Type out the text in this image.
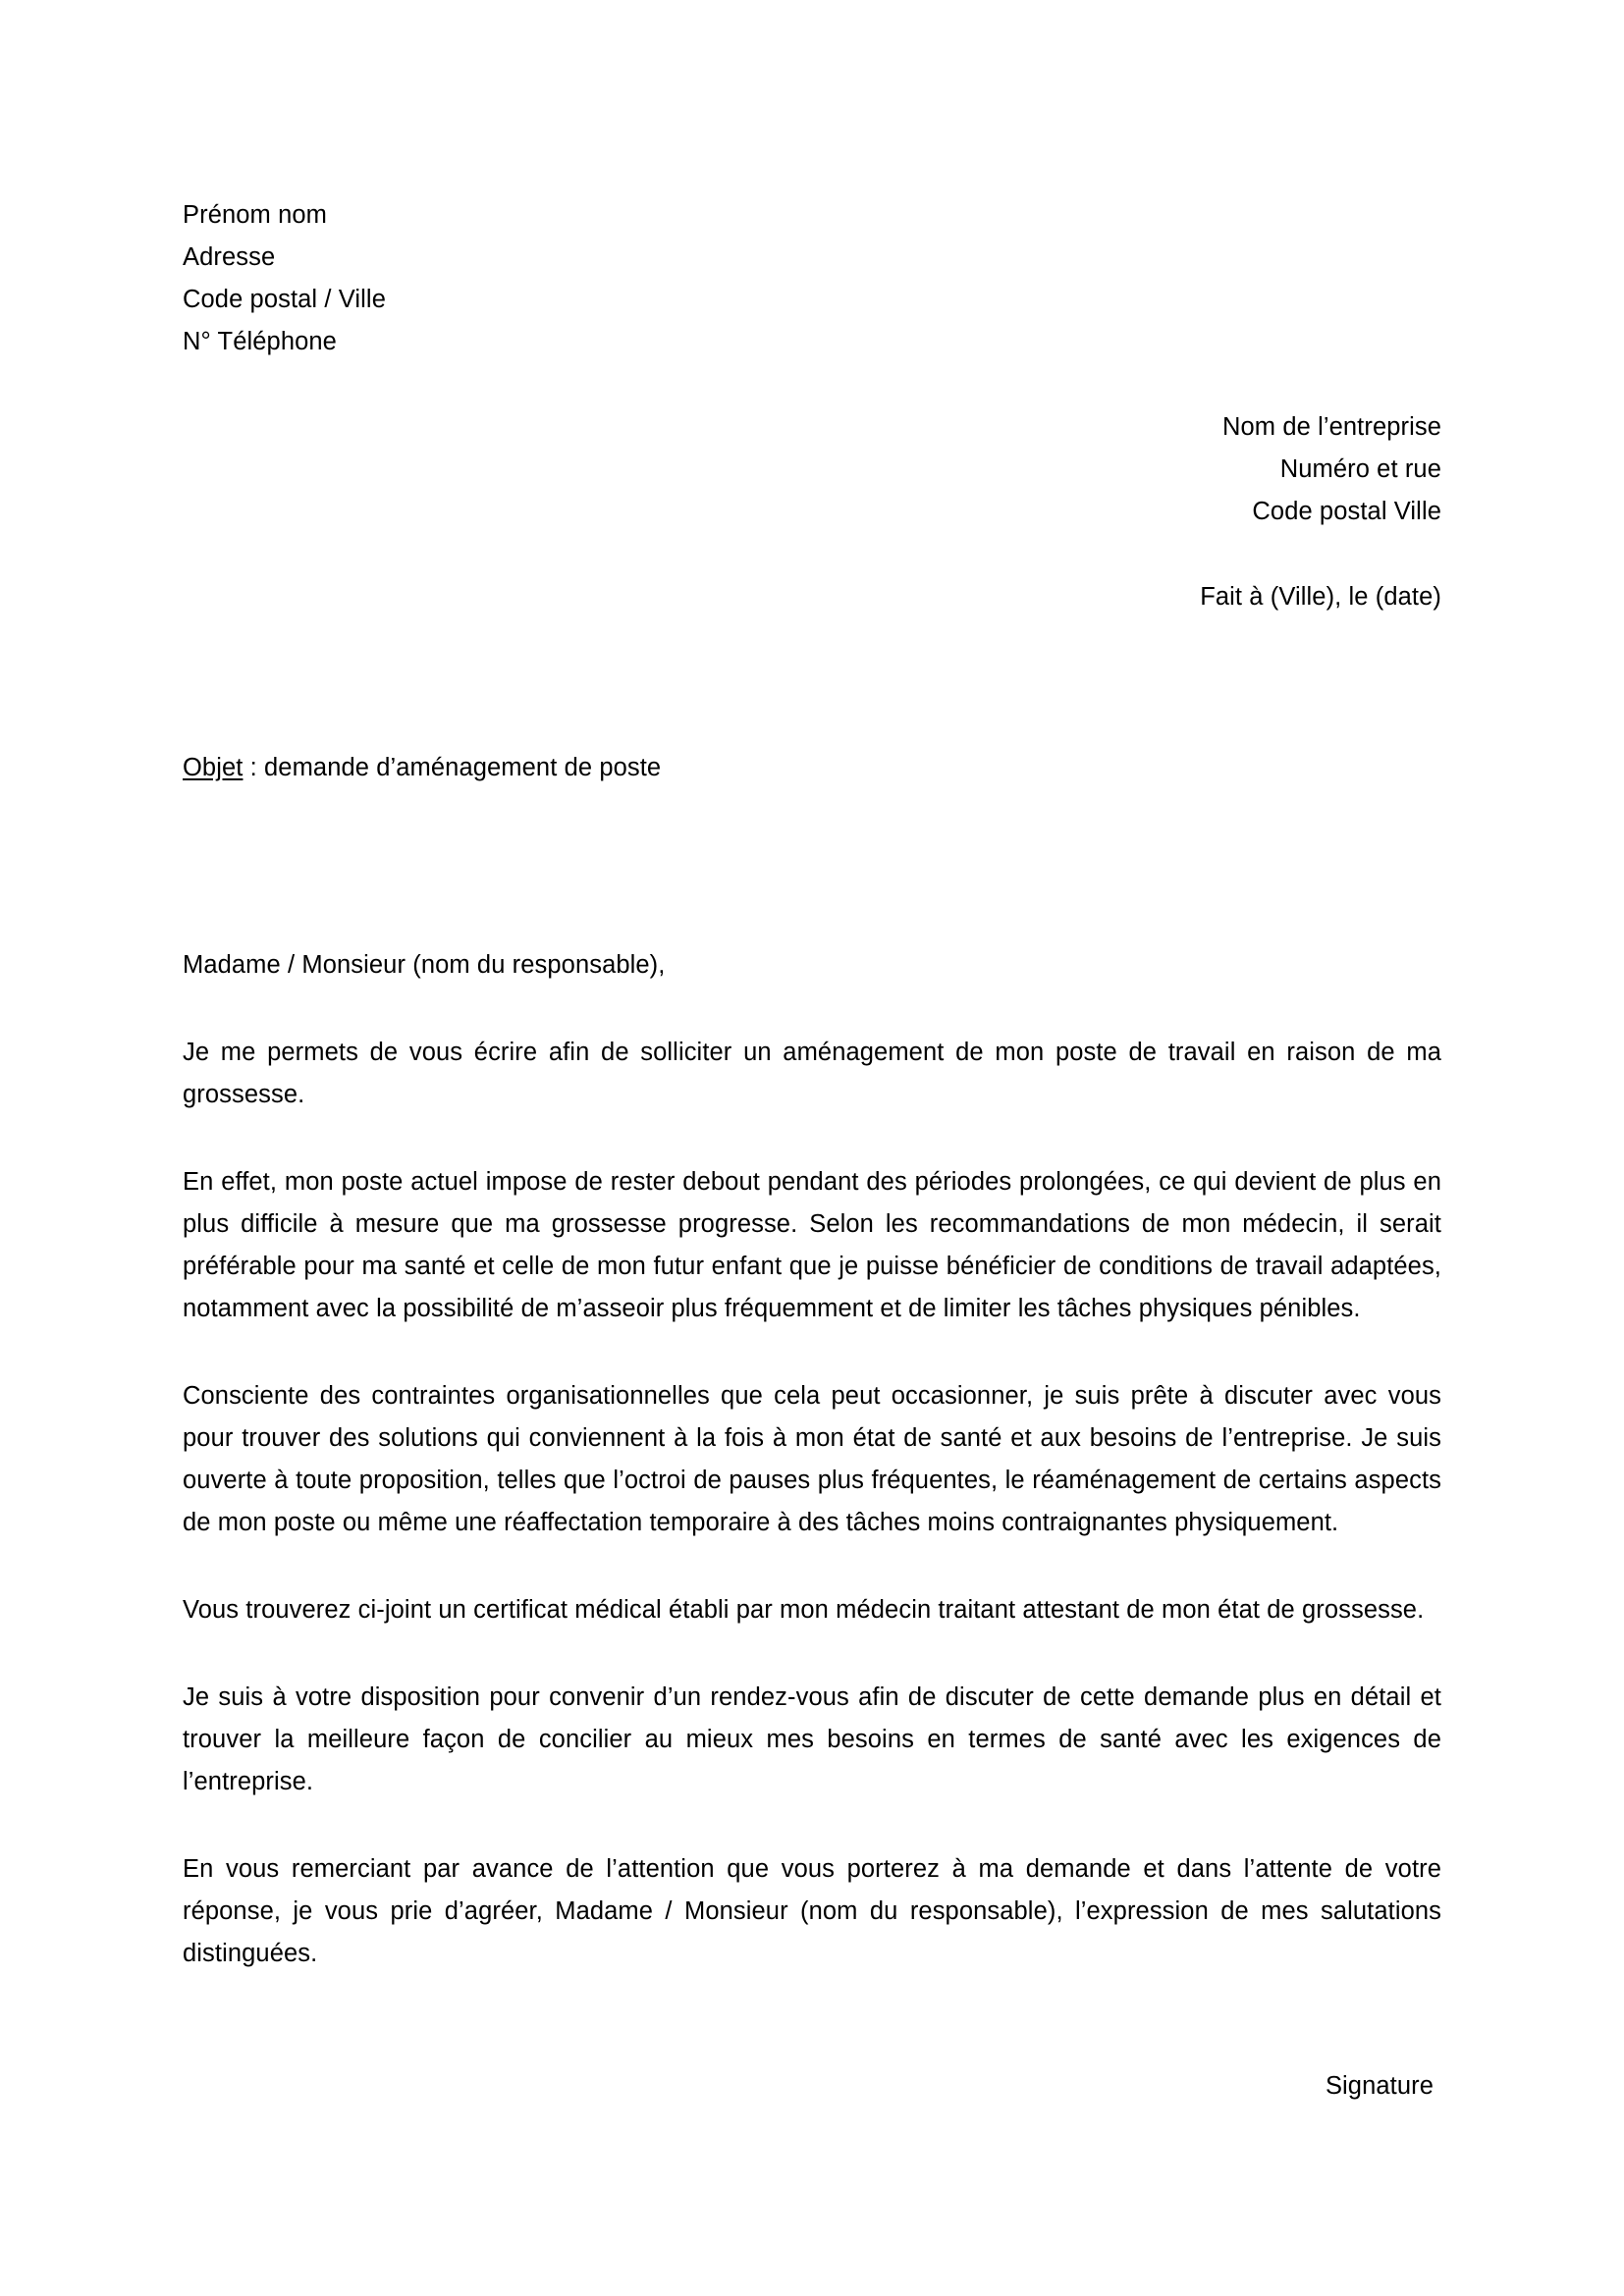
Prénom nom
Adresse
Code postal / Ville
N° Téléphone
Nom de l’entreprise
Numéro et rue
Code postal Ville
Fait à (Ville), le (date)
Objet : demande d’aménagement de poste
Madame / Monsieur (nom du responsable),

Je me permets de vous écrire afin de solliciter un aménagement de mon poste de travail en raison de ma grossesse.

En effet, mon poste actuel impose de rester debout pendant des périodes prolongées, ce qui devient de plus en plus difficile à mesure que ma grossesse progresse. Selon les recommandations de mon médecin, il serait préférable pour ma santé et celle de mon futur enfant que je puisse bénéficier de conditions de travail adaptées, notamment avec la possibilité de m’asseoir plus fréquemment et de limiter les tâches physiques pénibles.

Consciente des contraintes organisationnelles que cela peut occasionner, je suis prête à discuter avec vous pour trouver des solutions qui conviennent à la fois à mon état de santé et aux besoins de l’entreprise. Je suis ouverte à toute proposition, telles que l’octroi de pauses plus fréquentes, le réaménagement de certains aspects de mon poste ou même une réaffectation temporaire à des tâches moins contraignantes physiquement.

Vous trouverez ci-joint un certificat médical établi par mon médecin traitant attestant de mon état de grossesse.

Je suis à votre disposition pour convenir d’un rendez-vous afin de discuter de cette demande plus en détail et trouver la meilleure façon de concilier au mieux mes besoins en termes de santé avec les exigences de l’entreprise.

En vous remerciant par avance de l’attention que vous porterez à ma demande et dans l’attente de votre réponse, je vous prie d’agréer, Madame / Monsieur (nom du responsable), l’expression de mes salutations distinguées.

Signature
